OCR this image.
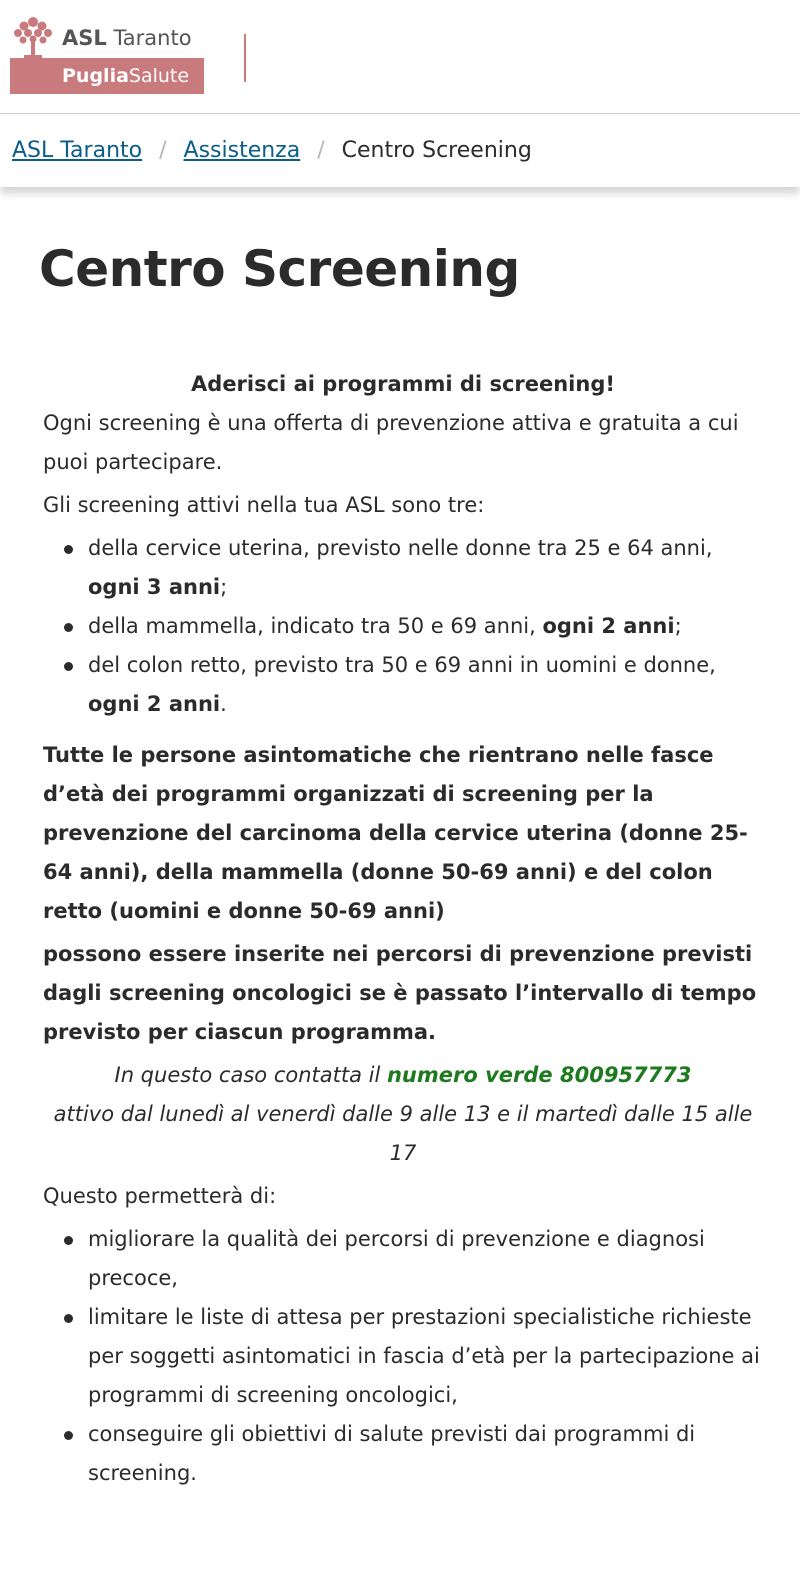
ASL Taranto
PugliaSalute
ASL Taranto / Assistenza / Centro Screening
Centro Screening

Aderisci ai programmi di screening!

Ogni screening è una offerta di prevenzione attiva e gratuita a cui puoi partecipare.

Gli screening attivi nella tua ASL sono tre:

della cervice uterina, previsto nelle donne tra 25 e 64 anni, ogni 3 anni;
della mammella, indicato tra 50 e 69 anni, ogni 2 anni;
del colon retto, previsto tra 50 e 69 anni in uomini e donne, ogni 2 anni.

Tutte le persone asintomatiche che rientrano nelle fasce d’età dei programmi organizzati di screening per la prevenzione del carcinoma della cervice uterina (donne 25-64 anni), della mammella (donne 50-69 anni) e del colon retto (uomini e donne 50-69 anni)

possono essere inserite nei percorsi di prevenzione previsti dagli screening oncologici se è passato l’intervallo di tempo previsto per ciascun programma.

In questo caso contatta il numero verde 800957773

attivo dal lunedì al venerdì dalle 9 alle 13 e il martedì dalle 15 alle 17

Questo permetterà di:

migliorare la qualità dei percorsi di prevenzione e diagnosi precoce,
limitare le liste di attesa per prestazioni specialistiche richieste per soggetti asintomatici in fascia d’età per la partecipazione ai programmi di screening oncologici,
conseguire gli obiettivi di salute previsti dai programmi di screening.
